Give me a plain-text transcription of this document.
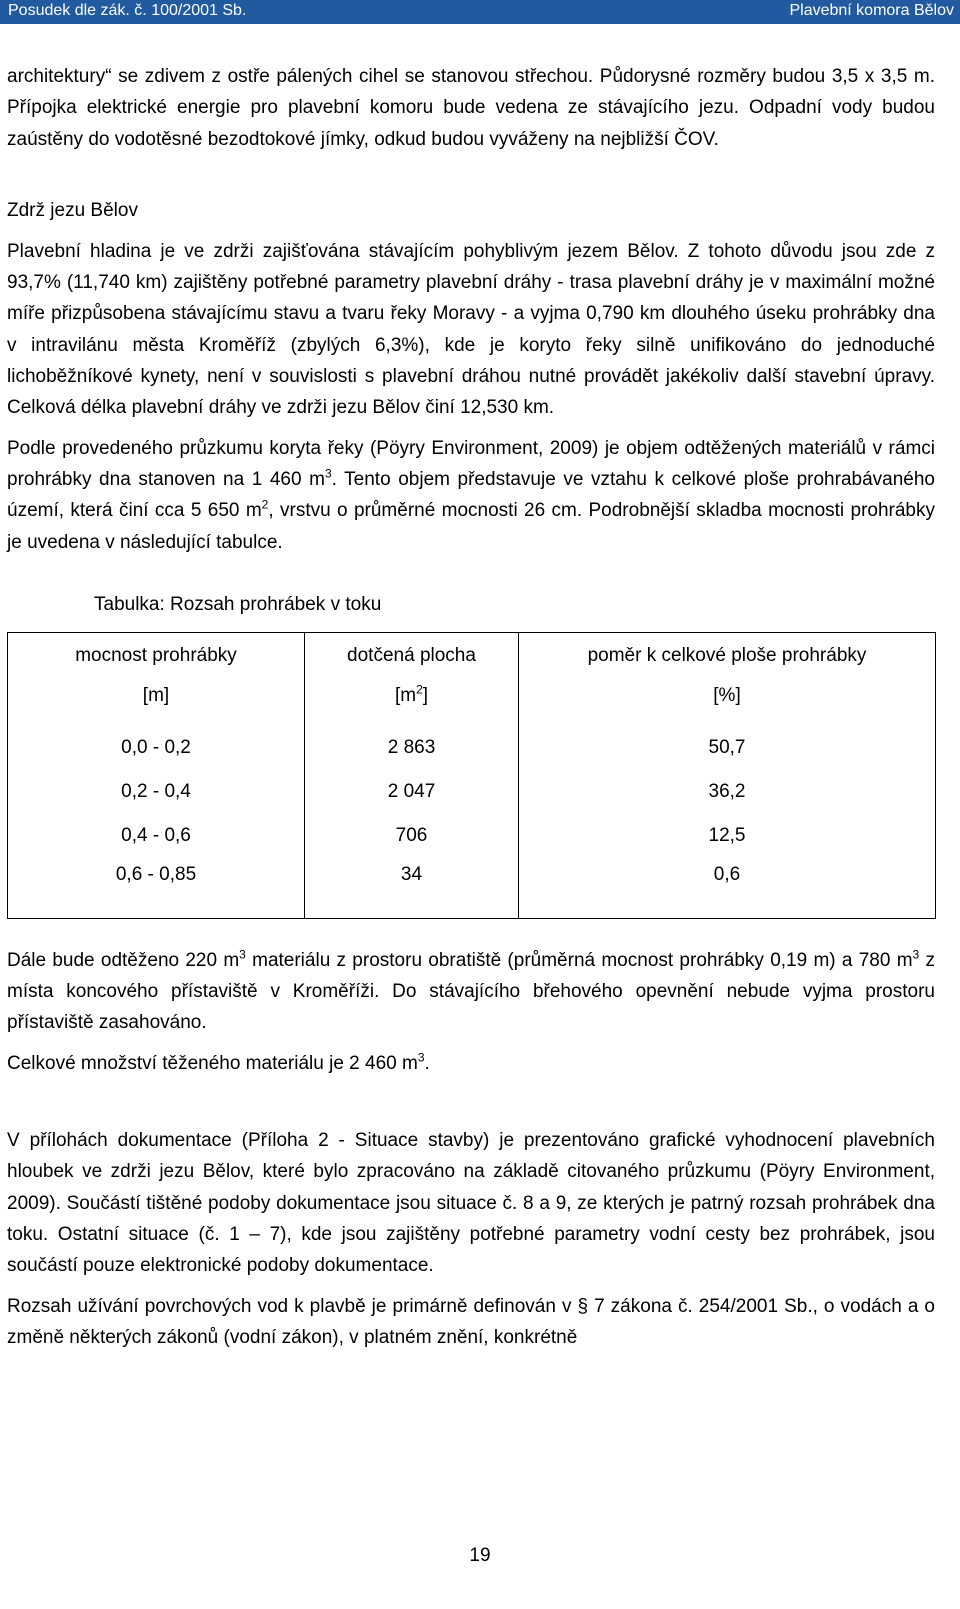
Posudek dle zák. č. 100/2001 Sb.	Plavební komora Bělov

architektury“ se zdivem z ostře pálených cihel se stanovou střechou. Půdorysné rozměry budou 3,5 x 3,5 m. Přípojka elektrické energie pro plavební komoru bude vedena ze stávajícího jezu. Odpadní vody budou zaústěny do vodotěsné bezodtokové jímky, odkud budou vyváženy na nejbližší ČOV.

Zdrž jezu Bělov

Plavební hladina je ve zdrži zajišťována stávajícím pohyblivým jezem Bělov. Z tohoto důvodu jsou zde z 93,7% (11,740 km) zajištěny potřebné parametry plavební dráhy - trasa plavební dráhy je v maximální možné míře přizpůsobena stávajícímu stavu a tvaru řeky Moravy - a vyjma 0,790 km dlouhého úseku prohrábky dna v intravilánu města Kroměříž (zbylých 6,3%), kde je koryto řeky silně unifikováno do jednoduché lichoběžníkové kynety, není v souvislosti s plavební dráhou nutné provádět jakékoliv další stavební úpravy. Celková délka plavební dráhy ve zdrži jezu Bělov činí 12,530 km.

Podle provedeného průzkumu koryta řeky (Pöyry Environment, 2009) je objem odtěžených materiálů v rámci prohrábky dna stanoven na 1 460 $m^3$. Tento objem představuje ve vztahu k celkové ploše prohrabávaného území, která činí cca 5 650 $m^2$, vrstvu o průměrné mocnosti 26 cm. Podrobnější skladba mocnosti prohrábky je uvedena v následující tabulce.

Tabulka: Rozsah prohrábek v toku
mocnost prohrábky	dotčená plocha	poměr k celkové ploše prohrábky
[m]	$[m^2]$	[%]
0,0 - 0,2	2 863	50,7
0,2 - 0,4	2 047	36,2
0,4 - 0,6	706	12,5
0,6 - 0,85	34	0,6

Dále bude odtěženo 220 $m^3$ materiálu z prostoru obratiště (průměrná mocnost prohrábky 0,19 m) a 780 $m^3$ z místa koncového přístaviště v Kroměříži. Do stávajícího břehového opevnění nebude vyjma prostoru přístaviště zasahováno.

Celkové množství těženého materiálu je 2 460 $m^3$.

V přílohách dokumentace (Příloha 2 - Situace stavby) je prezentováno grafické vyhodnocení plavebních hloubek ve zdrži jezu Bělov, které bylo zpracováno na základě citovaného průzkumu (Pöyry Environment, 2009). Součástí tištěné podoby dokumentace jsou situace č. 8 a 9, ze kterých je patrný rozsah prohrábek dna toku. Ostatní situace (č. 1 – 7), kde jsou zajištěny potřebné parametry vodní cesty bez prohrábek, jsou součástí pouze elektronické podoby dokumentace.

Rozsah užívání povrchových vod k plavbě je primárně definován v § 7 zákona č. 254/2001 Sb., o vodách a o změně některých zákonů (vodní zákon), v platném znění, konkrétně

19
